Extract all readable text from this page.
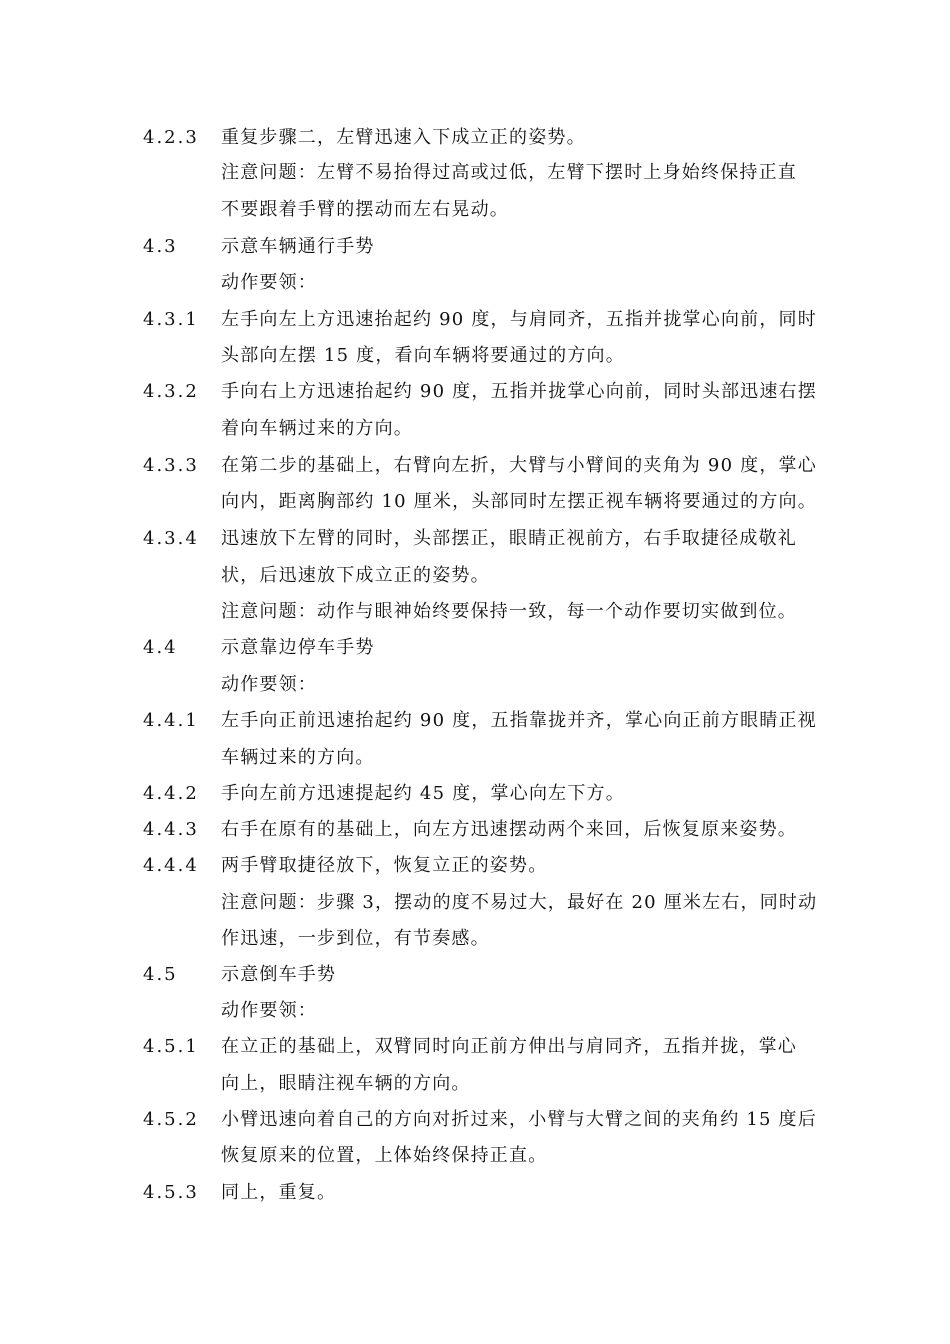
4.2.3 重复步骤二，左臂迅速入下成立正的姿势。
注意问题：左臂不易抬得过高或过低，左臂下摆时上身始终保持正直
不要跟着手臂的摆动而左右晃动。
4.3 示意车辆通行手势
动作要领：
4.3.1 左手向左上方迅速抬起约 90 度，与肩同齐，五指并拢掌心向前，同时
头部向左摆 15 度，看向车辆将要通过的方向。
4.3.2 手向右上方迅速抬起约 90 度，五指并拢掌心向前，同时头部迅速右摆
着向车辆过来的方向。
4.3.3 在第二步的基础上，右臂向左折，大臂与小臂间的夹角为 90 度，掌心
向内，距离胸部约 10 厘米，头部同时左摆正视车辆将要通过的方向。
4.3.4 迅速放下左臂的同时，头部摆正，眼睛正视前方，右手取捷径成敬礼
状，后迅速放下成立正的姿势。
注意问题：动作与眼神始终要保持一致，每一个动作要切实做到位。
4.4 示意靠边停车手势
动作要领：
4.4.1 左手向正前迅速抬起约 90 度，五指靠拢并齐，掌心向正前方眼睛正视
车辆过来的方向。
4.4.2 手向左前方迅速提起约 45 度，掌心向左下方。
4.4.3 右手在原有的基础上，向左方迅速摆动两个来回，后恢复原来姿势。
4.4.4 两手臂取捷径放下，恢复立正的姿势。
注意问题：步骤 3，摆动的度不易过大，最好在 20 厘米左右，同时动
作迅速，一步到位，有节奏感。
4.5 示意倒车手势
动作要领：
4.5.1 在立正的基础上，双臂同时向正前方伸出与肩同齐，五指并拢，掌心
向上，眼睛注视车辆的方向。
4.5.2 小臂迅速向着自己的方向对折过来，小臂与大臂之间的夹角约 15 度后
恢复原来的位置，上体始终保持正直。
4.5.3 同上，重复。
